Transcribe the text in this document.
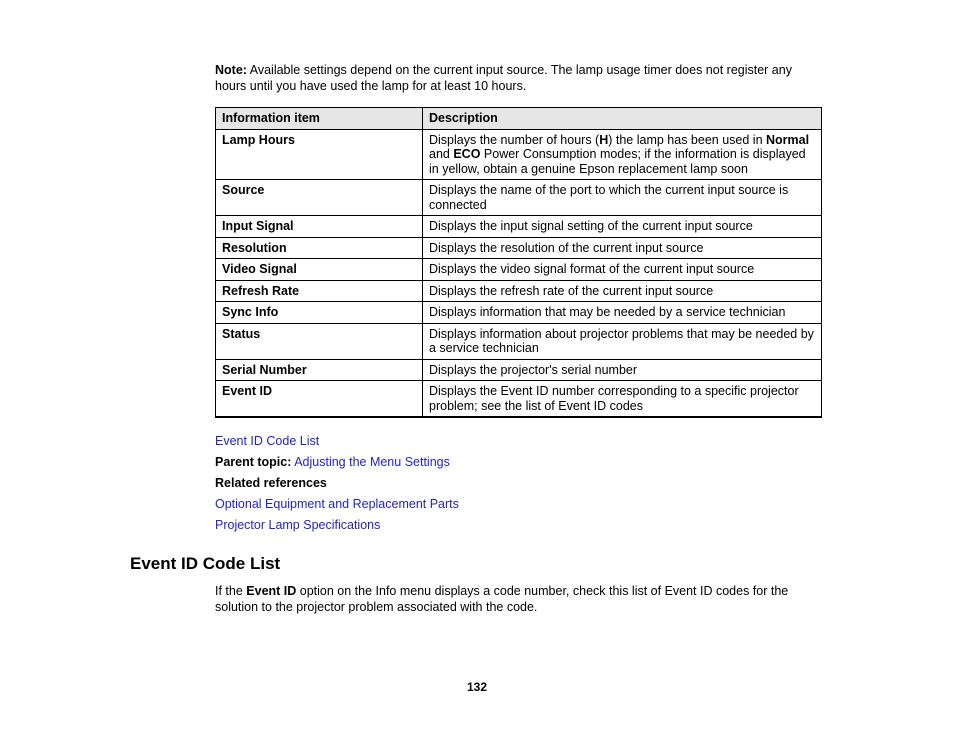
Note: Available settings depend on the current input source. The lamp usage timer does not register any hours until you have used the lamp for at least 10 hours.

Information item	Description
Lamp Hours	Displays the number of hours (H) the lamp has been used in Normal and ECO Power Consumption modes; if the information is displayed in yellow, obtain a genuine Epson replacement lamp soon
Source	Displays the name of the port to which the current input source is connected
Input Signal	Displays the input signal setting of the current input source
Resolution	Displays the resolution of the current input source
Video Signal	Displays the video signal format of the current input source
Refresh Rate	Displays the refresh rate of the current input source
Sync Info	Displays information that may be needed by a service technician
Status	Displays information about projector problems that may be needed by a service technician
Serial Number	Displays the projector's serial number
Event ID	Displays the Event ID number corresponding to a specific projector problem; see the list of Event ID codes

Event ID Code List

Parent topic: Adjusting the Menu Settings

Related references

Optional Equipment and Replacement Parts

Projector Lamp Specifications

Event ID Code List

If the Event ID option on the Info menu displays a code number, check this list of Event ID codes for the solution to the projector problem associated with the code.

132
